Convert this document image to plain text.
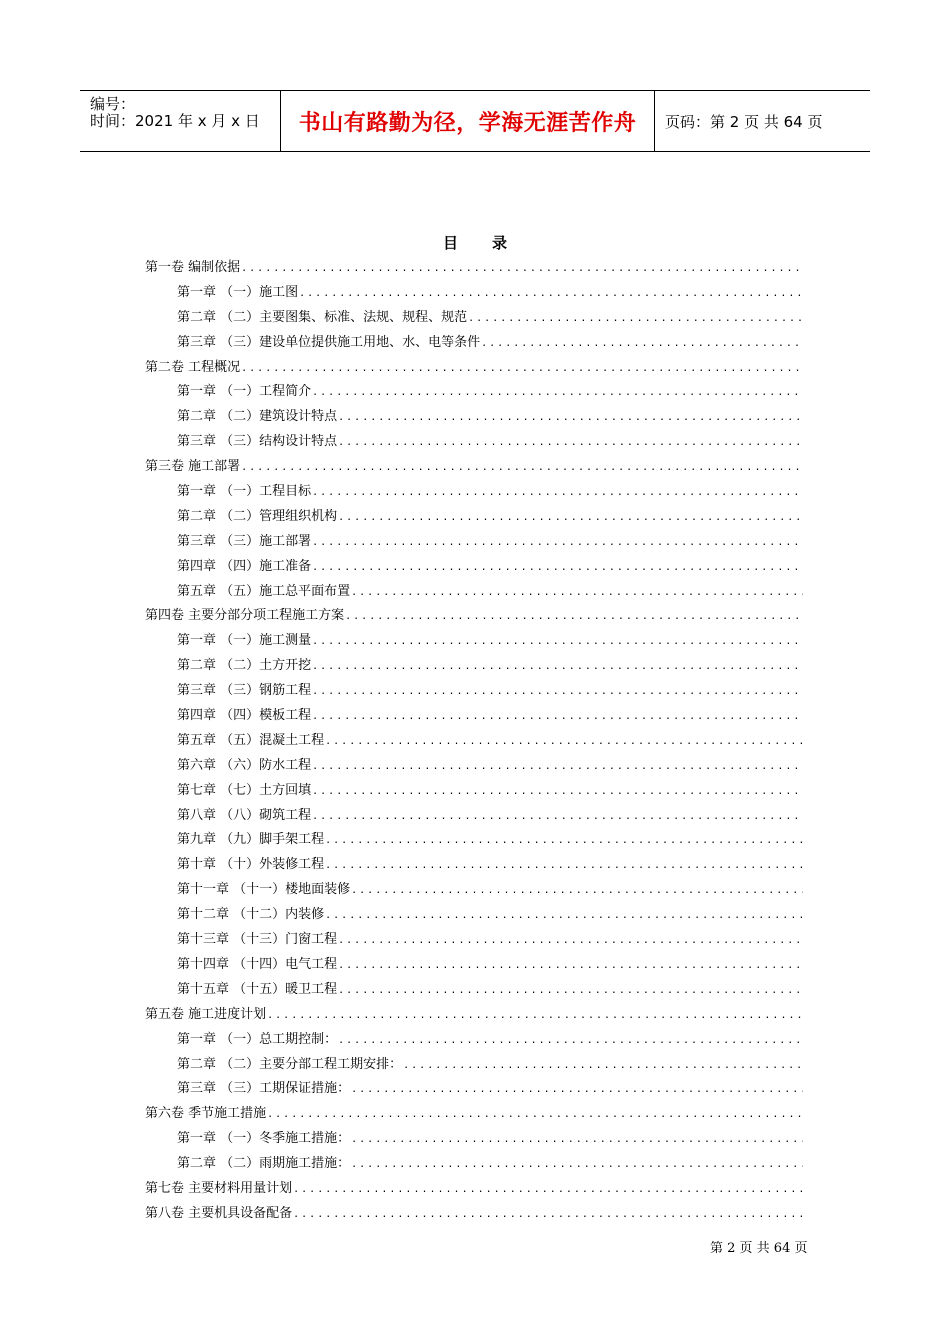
编号：
时间：2021 年 x 月 x 日 书山有路勤为径，学海无涯苦作舟 页码：第 2 页 共 64 页
目 录
第一卷 编制依据
.....
第一章 （一）施工图
.....
第二章 （二）主要图集、标准、法规、规程、规范
.....
第三章 （三）建设单位提供施工用地、水、电等条件
.....
第二卷 工程概况
.....
第一章 （一）工程简介
.....
第二章 （二）建筑设计特点
.....
第三章 （三）结构设计特点
.....
第三卷 施工部署
.....
第一章 （一）工程目标
.....
第二章 （二）管理组织机构
.....
第三章 （三）施工部署
.....
第四章 （四）施工准备
.....
第五章 （五）施工总平面布置
.....
第四卷 主要分部分项工程施工方案
.....
第一章 （一）施工测量
.....
第二章 （二）土方开挖
.....
第三章 （三）钢筋工程
.....
第四章 （四）模板工程
.....
第五章 （五）混凝土工程
.....
第六章 （六）防水工程
.....
第七章 （七）土方回填
.....
第八章 （八）砌筑工程
.....
第九章 （九）脚手架工程
.....
第十章 （十）外装修工程
.....
第十一章 （十一）楼地面装修
.....
第十二章 （十二）内装修
.....
第十三章 （十三）门窗工程
.....
第十四章 （十四）电气工程
.....
第十五章 （十五）暖卫工程
.....
第五卷 施工进度计划
.....
第一章 （一）总工期控制：
.....
第二章 （二）主要分部工程工期安排：
.....
第三章 （三）工期保证措施：
.....
第六卷 季节施工措施
.....
第一章 （一）冬季施工措施：
.....
第二章 （二）雨期施工措施：
.....
第七卷 主要材料用量计划
.....
第八卷 主要机具设备配备
.....
第 2 页 共 64 页
